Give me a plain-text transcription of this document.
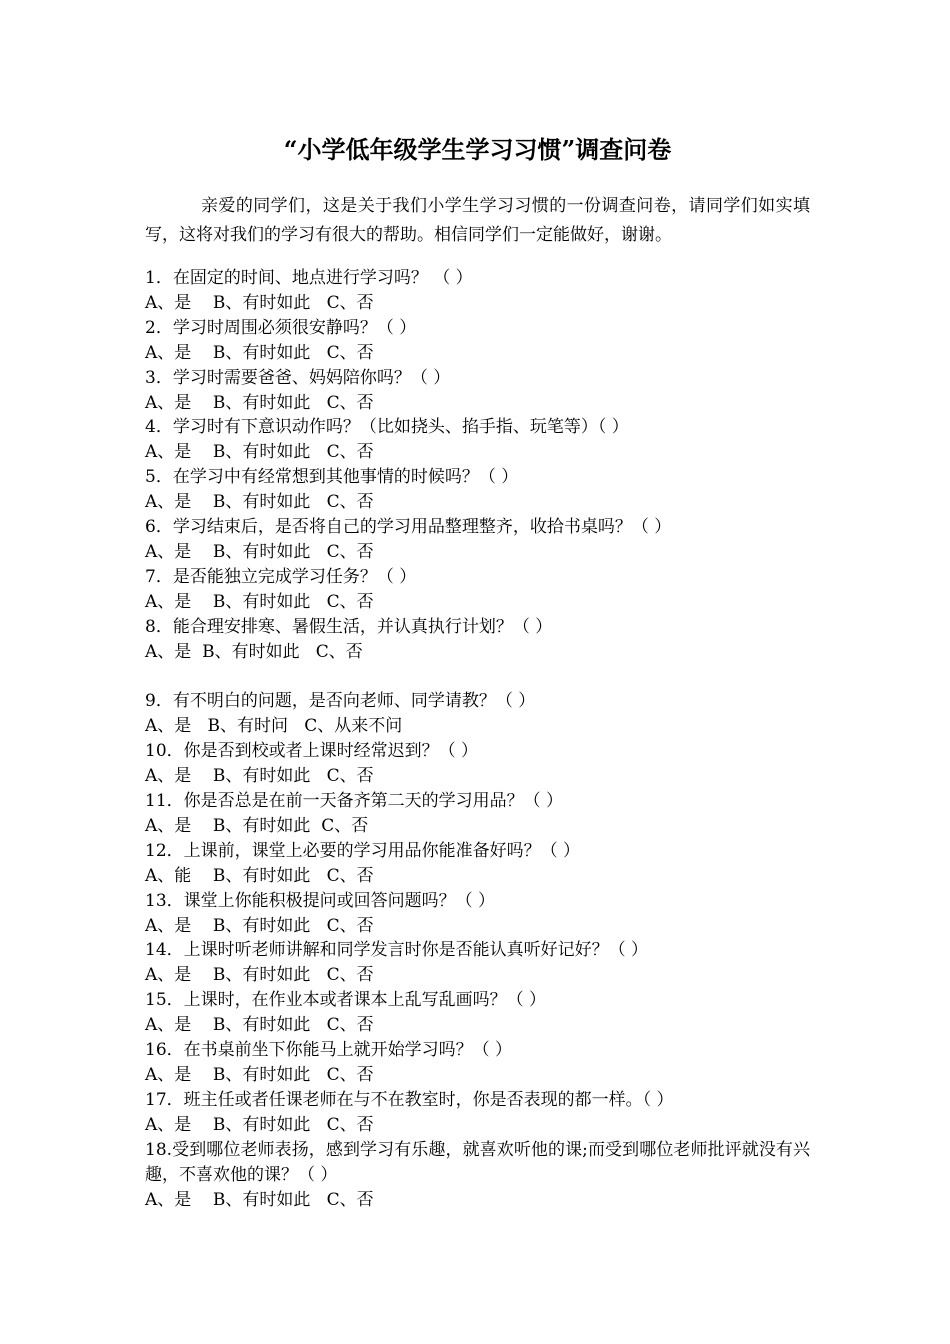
“小学低年级学生学习习惯”调查问卷
亲爱的同学们，这是关于我们小学生学习习惯的一份调查问卷，请同学们如实填写，这将对我们的学习有很大的帮助。相信同学们一定能做好，谢谢。
1．在固定的时间、地点进行学习吗？ （ ）
A、是    B、有时如此   C、否
2．学习时周围必须很安静吗？（ ）
A、是    B、有时如此   C、否
3．学习时需要爸爸、妈妈陪你吗？（ ）
A、是    B、有时如此   C、否
4．学习时有下意识动作吗？（比如挠头、掐手指、玩笔等）（ ）
A、是    B、有时如此   C、否
5．在学习中有经常想到其他事情的时候吗？（ ）
A、是    B、有时如此   C、否
6．学习结束后，是否将自己的学习用品整理整齐，收拾书桌吗？（ ）
A、是    B、有时如此   C、否
7．是否能独立完成学习任务？（ ）
A、是    B、有时如此   C、否
8．能合理安排寒、暑假生活，并认真执行计划？（ ）
A、是  B、有时如此   C、否
9．有不明白的问题，是否向老师、同学请教？（ ）
A、是   B、有时问   C、从来不问
10．你是否到校或者上课时经常迟到？（ ）
A、是    B、有时如此   C、否
11．你是否总是在前一天备齐第二天的学习用品？（ ）
A、是    B、有时如此  C、否
12．上课前，课堂上必要的学习用品你能准备好吗？（ ）
A、能    B、有时如此   C、否
13．课堂上你能积极提问或回答问题吗？（ ）
A、是    B、有时如此   C、否
14．上课时听老师讲解和同学发言时你是否能认真听好记好？（ ）
A、是    B、有时如此   C、否
15．上课时，在作业本或者课本上乱写乱画吗？（ ）
A、是    B、有时如此   C、否
16．在书桌前坐下你能马上就开始学习吗？（ ）
A、是    B、有时如此   C、否
17．班主任或者任课老师在与不在教室时，你是否表现的都一样。（ ）
A、是    B、有时如此   C、否
18.受到哪位老师表扬，感到学习有乐趣，就喜欢听他的课;而受到哪位老师批评就没有兴趣，不喜欢他的课？（ ）
A、是    B、有时如此   C、否
